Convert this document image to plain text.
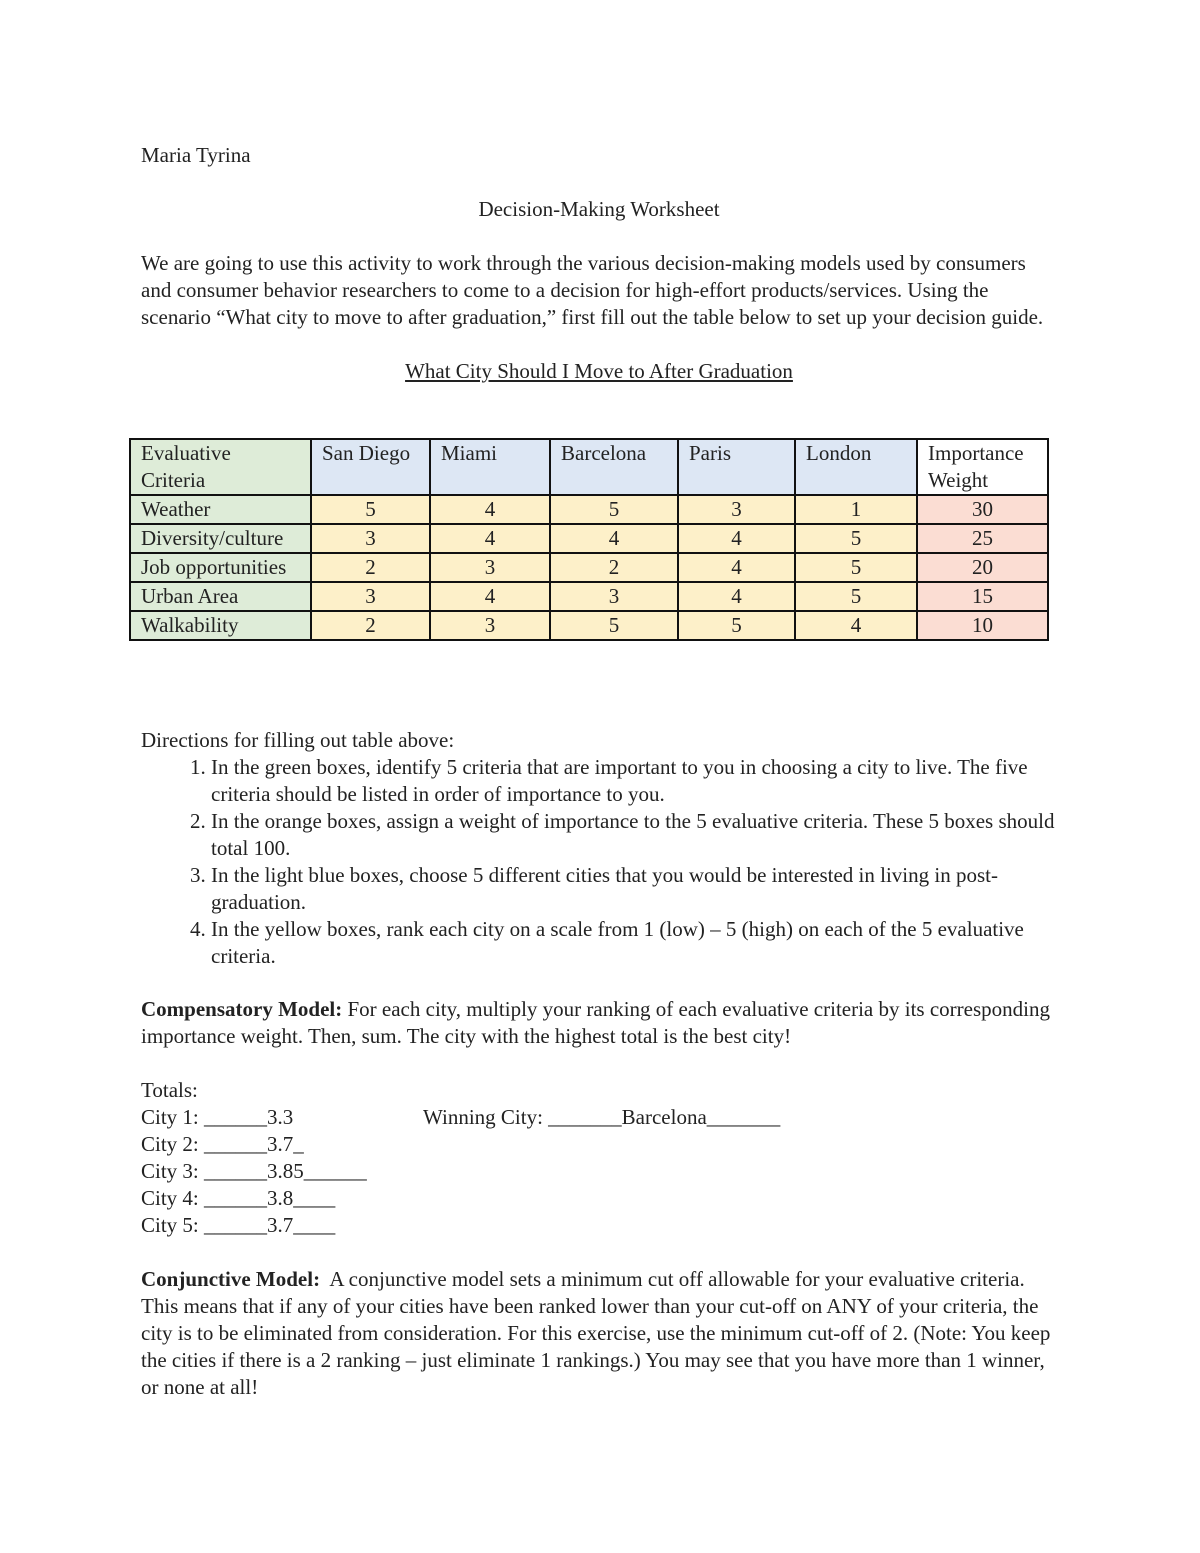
Maria Tyrina
Decision-Making Worksheet
We are going to use this activity to work through the various decision-making models used by consumers and consumer behavior researchers to come to a decision for high-effort products/services. Using the scenario “What city to move to after graduation,” first fill out the table below to set up your decision guide.
What City Should I Move to After Graduation
Evaluative Criteria	San Diego	Miami	Barcelona	Paris	London	Importance Weight
Weather	5	4	5	3	1	30
Diversity/culture	3	4	4	4	5	25
Job opportunities	2	3	2	4	5	20
Urban Area	3	4	3	4	5	15
Walkability	2	3	5	5	4	10
Directions for filling out table above:
1. In the green boxes, identify 5 criteria that are important to you in choosing a city to live. The five criteria should be listed in order of importance to you.
2. In the orange boxes, assign a weight of importance to the 5 evaluative criteria. These 5 boxes should total 100.
3. In the light blue boxes, choose 5 different cities that you would be interested in living in post-graduation.
4. In the yellow boxes, rank each city on a scale from 1 (low) – 5 (high) on each of the 5 evaluative criteria.
Compensatory Model: For each city, multiply your ranking of each evaluative criteria by its corresponding importance weight. Then, sum. The city with the highest total is the best city!
Totals:
City 1: ______3.3
City 2: ______3.7_
City 3: ______3.85______
City 4: ______3.8____
City 5: ______3.7____
Winning City: _______Barcelona_______
Conjunctive Model:  A conjunctive model sets a minimum cut off allowable for your evaluative criteria. This means that if any of your cities have been ranked lower than your cut-off on ANY of your criteria, the city is to be eliminated from consideration. For this exercise, use the minimum cut-off of 2. (Note: You keep the cities if there is a 2 ranking – just eliminate 1 rankings.) You may see that you have more than 1 winner, or none at all!
